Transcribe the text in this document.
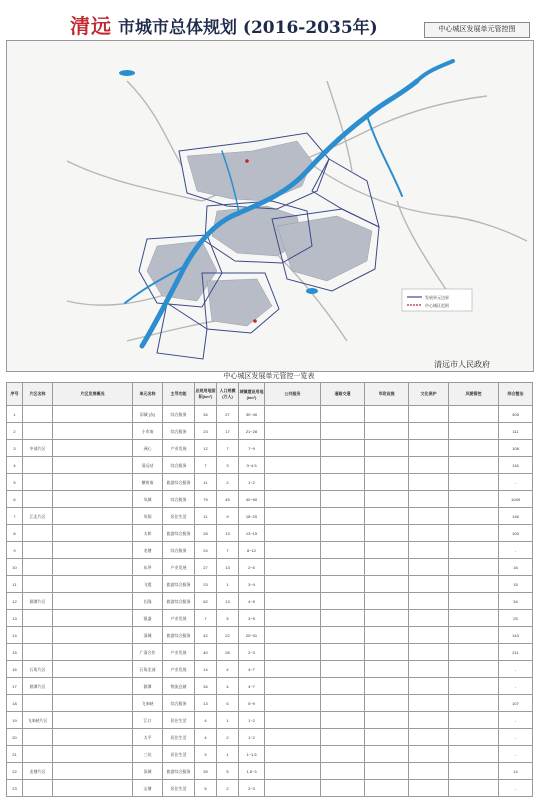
清远 市城市总体规划 (2016-2035年)	中心城区发展单元管控图
发展单元边界
中心城区范围
清远市人民政府
中心城区发展单元管控一览表
序号	片区名称	片区发展概况	单元名称	主导功能	总规用地面积(km²)	人口规模(万人)	城镇建设用地(km²)	公共服务	道路交通	市政设施	文化保护	风貌管控	综合整治
1			旧城 (东)	综合服务	34	27	30~40						305
2			小市南	综合服务	23	17	21~28						111
3	中部片区		洲心	产业发展	12	7	7~9						108
4			清远站	综合服务	7	3	3~4.5						116
5			横荷南	旅游综合服务	11	2	1~2						-
6			凤城	综合服务	79	45	40~50						1049
7	江北片区		凤翔	居住生活	11	9	18~20						146
8			太和	旅游综合服务	28	13	13~15						100
9			龙塘	综合服务	24	7	8~12						-
10			东坪	产业发展	27	13	2~5						16
11			飞霞	旅游综合服务	23	1	3~4						15
12	源潭片区		长隆	旅游综合服务	62	13	4~5						34
13			银盏	产业发展	7	5	3~5						25
14			清城	旅游综合服务	42	22	20~31						143
15			广清合作	产业发展	40	28	2~3						211
16	石角片区		石角北部	产业发展	14	4	4~7						-
17	源潭片区		源潭	物流仓储	34	4	4~7						-
18			飞来峡	综合服务	13	6	5~9						107
19	飞来峡片区		江口	居住生活	4	1	1~2						-
20			太平	居住生活	4	2	1~2						-
21			三坑	居住生活	9	1	1~1.5						-
22	龙塘片区		旧城	旅游综合服务	39	5	1.5~3						14
23			山塘	居住生活	5	2	2~3						-
